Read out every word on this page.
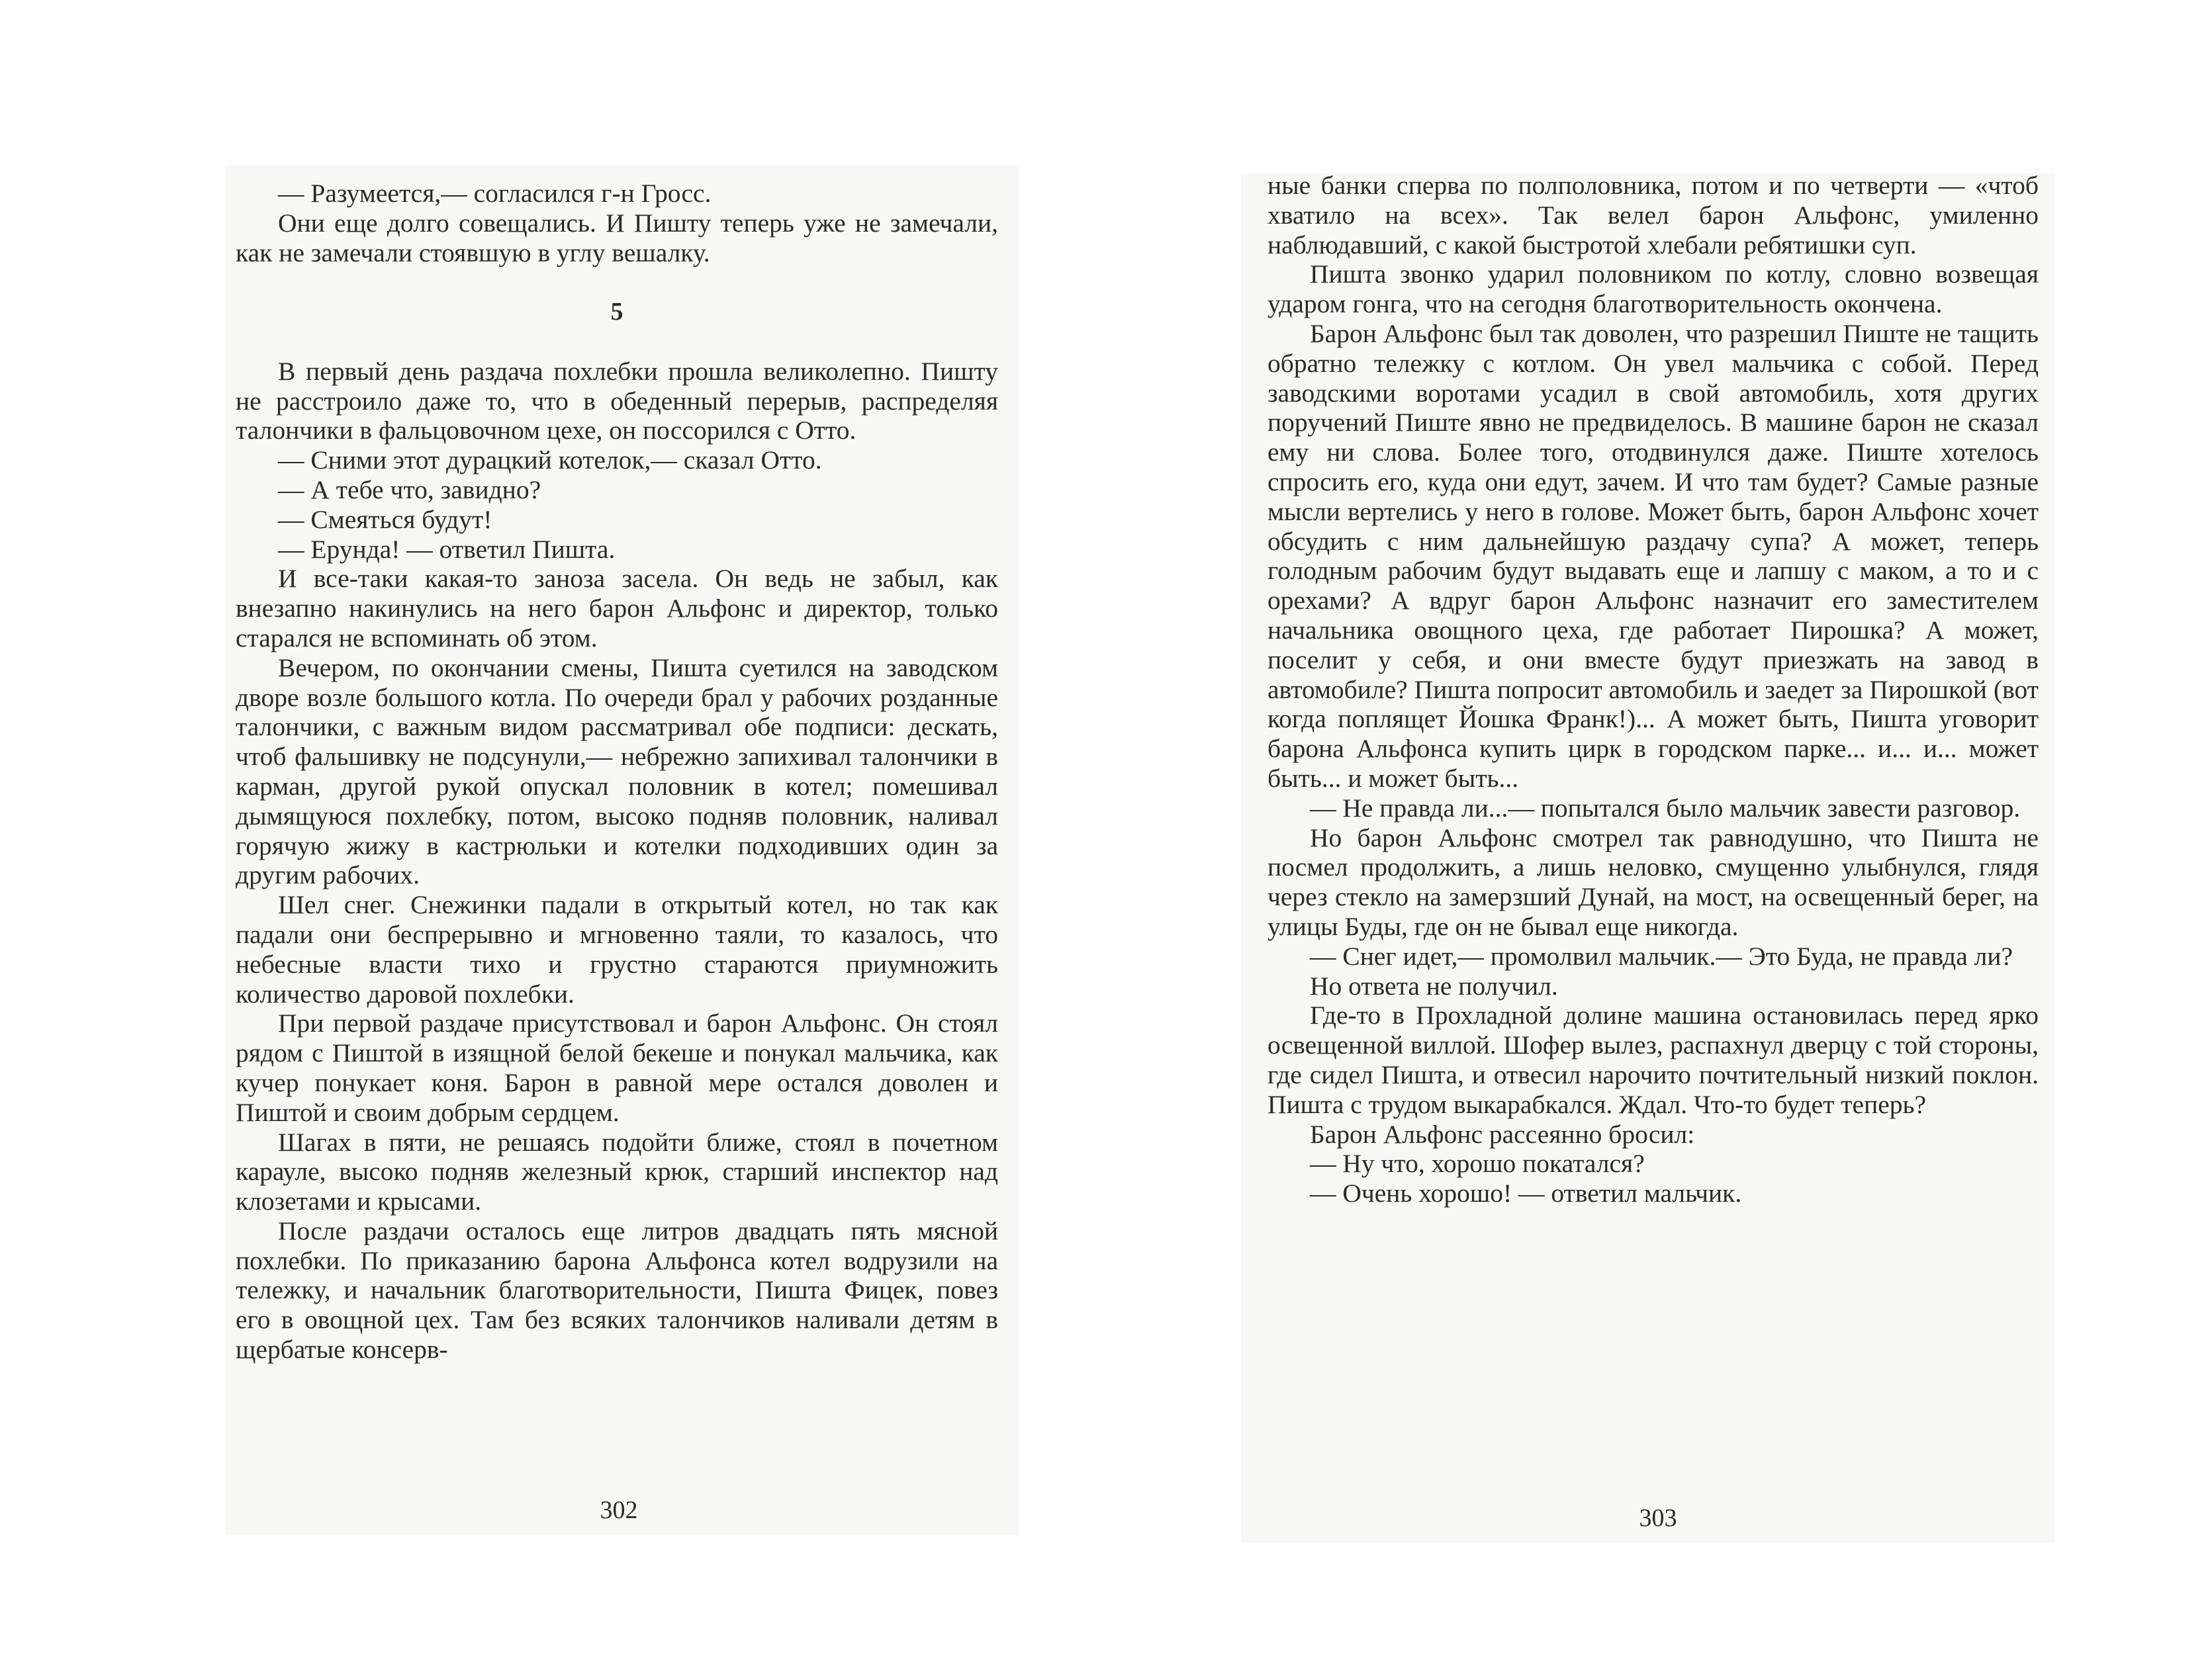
— Разумеется,— согласился г-н Гросс.

Они еще долго совещались. И Пишту теперь уже не замечали, как не замечали стоявшую в углу вешалку.

5

В первый день раздача похлебки прошла великолепно. Пишту не расстроило даже то, что в обеденный перерыв, распределяя талончики в фальцовочном цехе, он поссорился с Отто.

— Сними этот дурацкий котелок,— сказал Отто.

— А тебе что, завидно?

— Смеяться будут!

— Ерунда! — ответил Пишта.

И все-таки какая-то заноза засела. Он ведь не забыл, как внезапно накинулись на него барон Альфонс и директор, только старался не вспоминать об этом.

Вечером, по окончании смены, Пишта суетился на заводском дворе возле большого котла. По очереди брал у рабочих розданные талончики, с важным видом рассматривал обе подписи: дескать, чтоб фальшивку не подсунули,— небрежно запихивал талончики в карман, другой рукой опускал половник в котел; помешивал дымящуюся похлебку, потом, высоко подняв половник, наливал горячую жижу в кастрюльки и котелки подходивших один за другим рабочих.

Шел снег. Снежинки падали в открытый котел, но так как падали они беспрерывно и мгновенно таяли, то казалось, что небесные власти тихо и грустно стараются приумножить количество даровой похлебки.

При первой раздаче присутствовал и барон Альфонс. Он стоял рядом с Пиштой в изящной белой бекеше и понукал мальчика, как кучер понукает коня. Барон в равной мере остался доволен и Пиштой и своим добрым сердцем.

Шагах в пяти, не решаясь подойти ближе, стоял в почетном карауле, высоко подняв железный крюк, старший инспектор над клозетами и крысами.

После раздачи осталось еще литров двадцать пять мясной похлебки. По приказанию барона Альфонса котел водрузили на тележку, и начальник благотворительности, Пишта Фицек, повез его в овощной цех. Там без всяких талончиков наливали детям в щербатые консерв-

302

ные банки сперва по полполовника, потом и по четверти — «чтоб хватило на всех». Так велел барон Альфонс, умиленно наблюдавший, с какой быстротой хлебали ребятишки суп.

Пишта звонко ударил половником по котлу, словно возвещая ударом гонга, что на сегодня благотворительность окончена.

Барон Альфонс был так доволен, что разрешил Пиште не тащить обратно тележку с котлом. Он увел мальчика с собой. Перед заводскими воротами усадил в свой автомобиль, хотя других поручений Пиште явно не предвиделось. В машине барон не сказал ему ни слова. Более того, отодвинулся даже. Пиште хотелось спросить его, куда они едут, зачем. И что там будет? Самые разные мысли вертелись у него в голове. Может быть, барон Альфонс хочет обсудить с ним дальнейшую раздачу супа? А может, теперь голодным рабочим будут выдавать еще и лапшу с маком, а то и с орехами? А вдруг барон Альфонс назначит его заместителем начальника овощного цеха, где работает Пирошка? А может, поселит у себя, и они вместе будут приезжать на завод в автомобиле? Пишта попросит автомобиль и заедет за Пирошкой (вот когда поплящет Йошка Франк!)... А может быть, Пишта уговорит барона Альфонса купить цирк в городском парке... и... и... может быть... и может быть...

— Не правда ли...— попытался было мальчик завести разговор.

Но барон Альфонс смотрел так равнодушно, что Пишта не посмел продолжить, а лишь неловко, смущенно улыбнулся, глядя через стекло на замерзший Дунай, на мост, на освещенный берег, на улицы Буды, где он не бывал еще никогда.

— Снег идет,— промолвил мальчик.— Это Буда, не правда ли?

Но ответа не получил.

Где-то в Прохладной долине машина остановилась перед ярко освещенной виллой. Шофер вылез, распахнул дверцу с той стороны, где сидел Пишта, и отвесил нарочито почтительный низкий поклон. Пишта с трудом выкарабкался. Ждал. Что-то будет теперь?

Барон Альфонс рассеянно бросил:

— Ну что, хорошо покатался?

— Очень хорошо! — ответил мальчик.

303
